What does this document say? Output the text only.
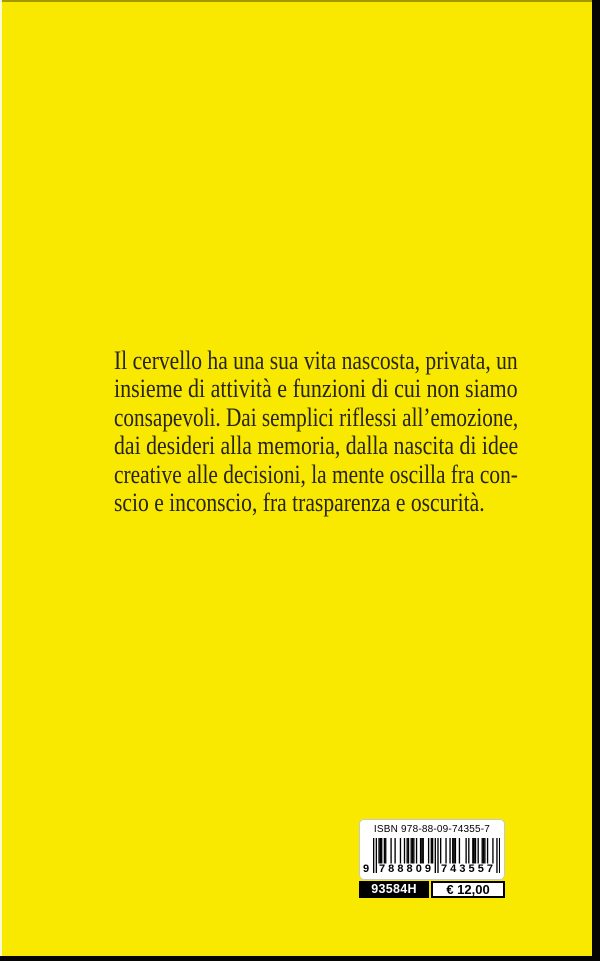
Il cervello ha una sua vita nascosta, privata, un
insieme di attività e funzioni di cui non siamo
consapevoli. Dai semplici riflessi all’emozione,
dai desideri alla memoria, dalla nascita di idee
creative alle decisioni, la mente oscilla fra con-
scio e inconscio, fra trasparenza e oscurità.
ISBN 978-88-09-74355-7
9 7 8 8 8 0 9 7 4 3 5 5 7
93584H	€ 12,00
